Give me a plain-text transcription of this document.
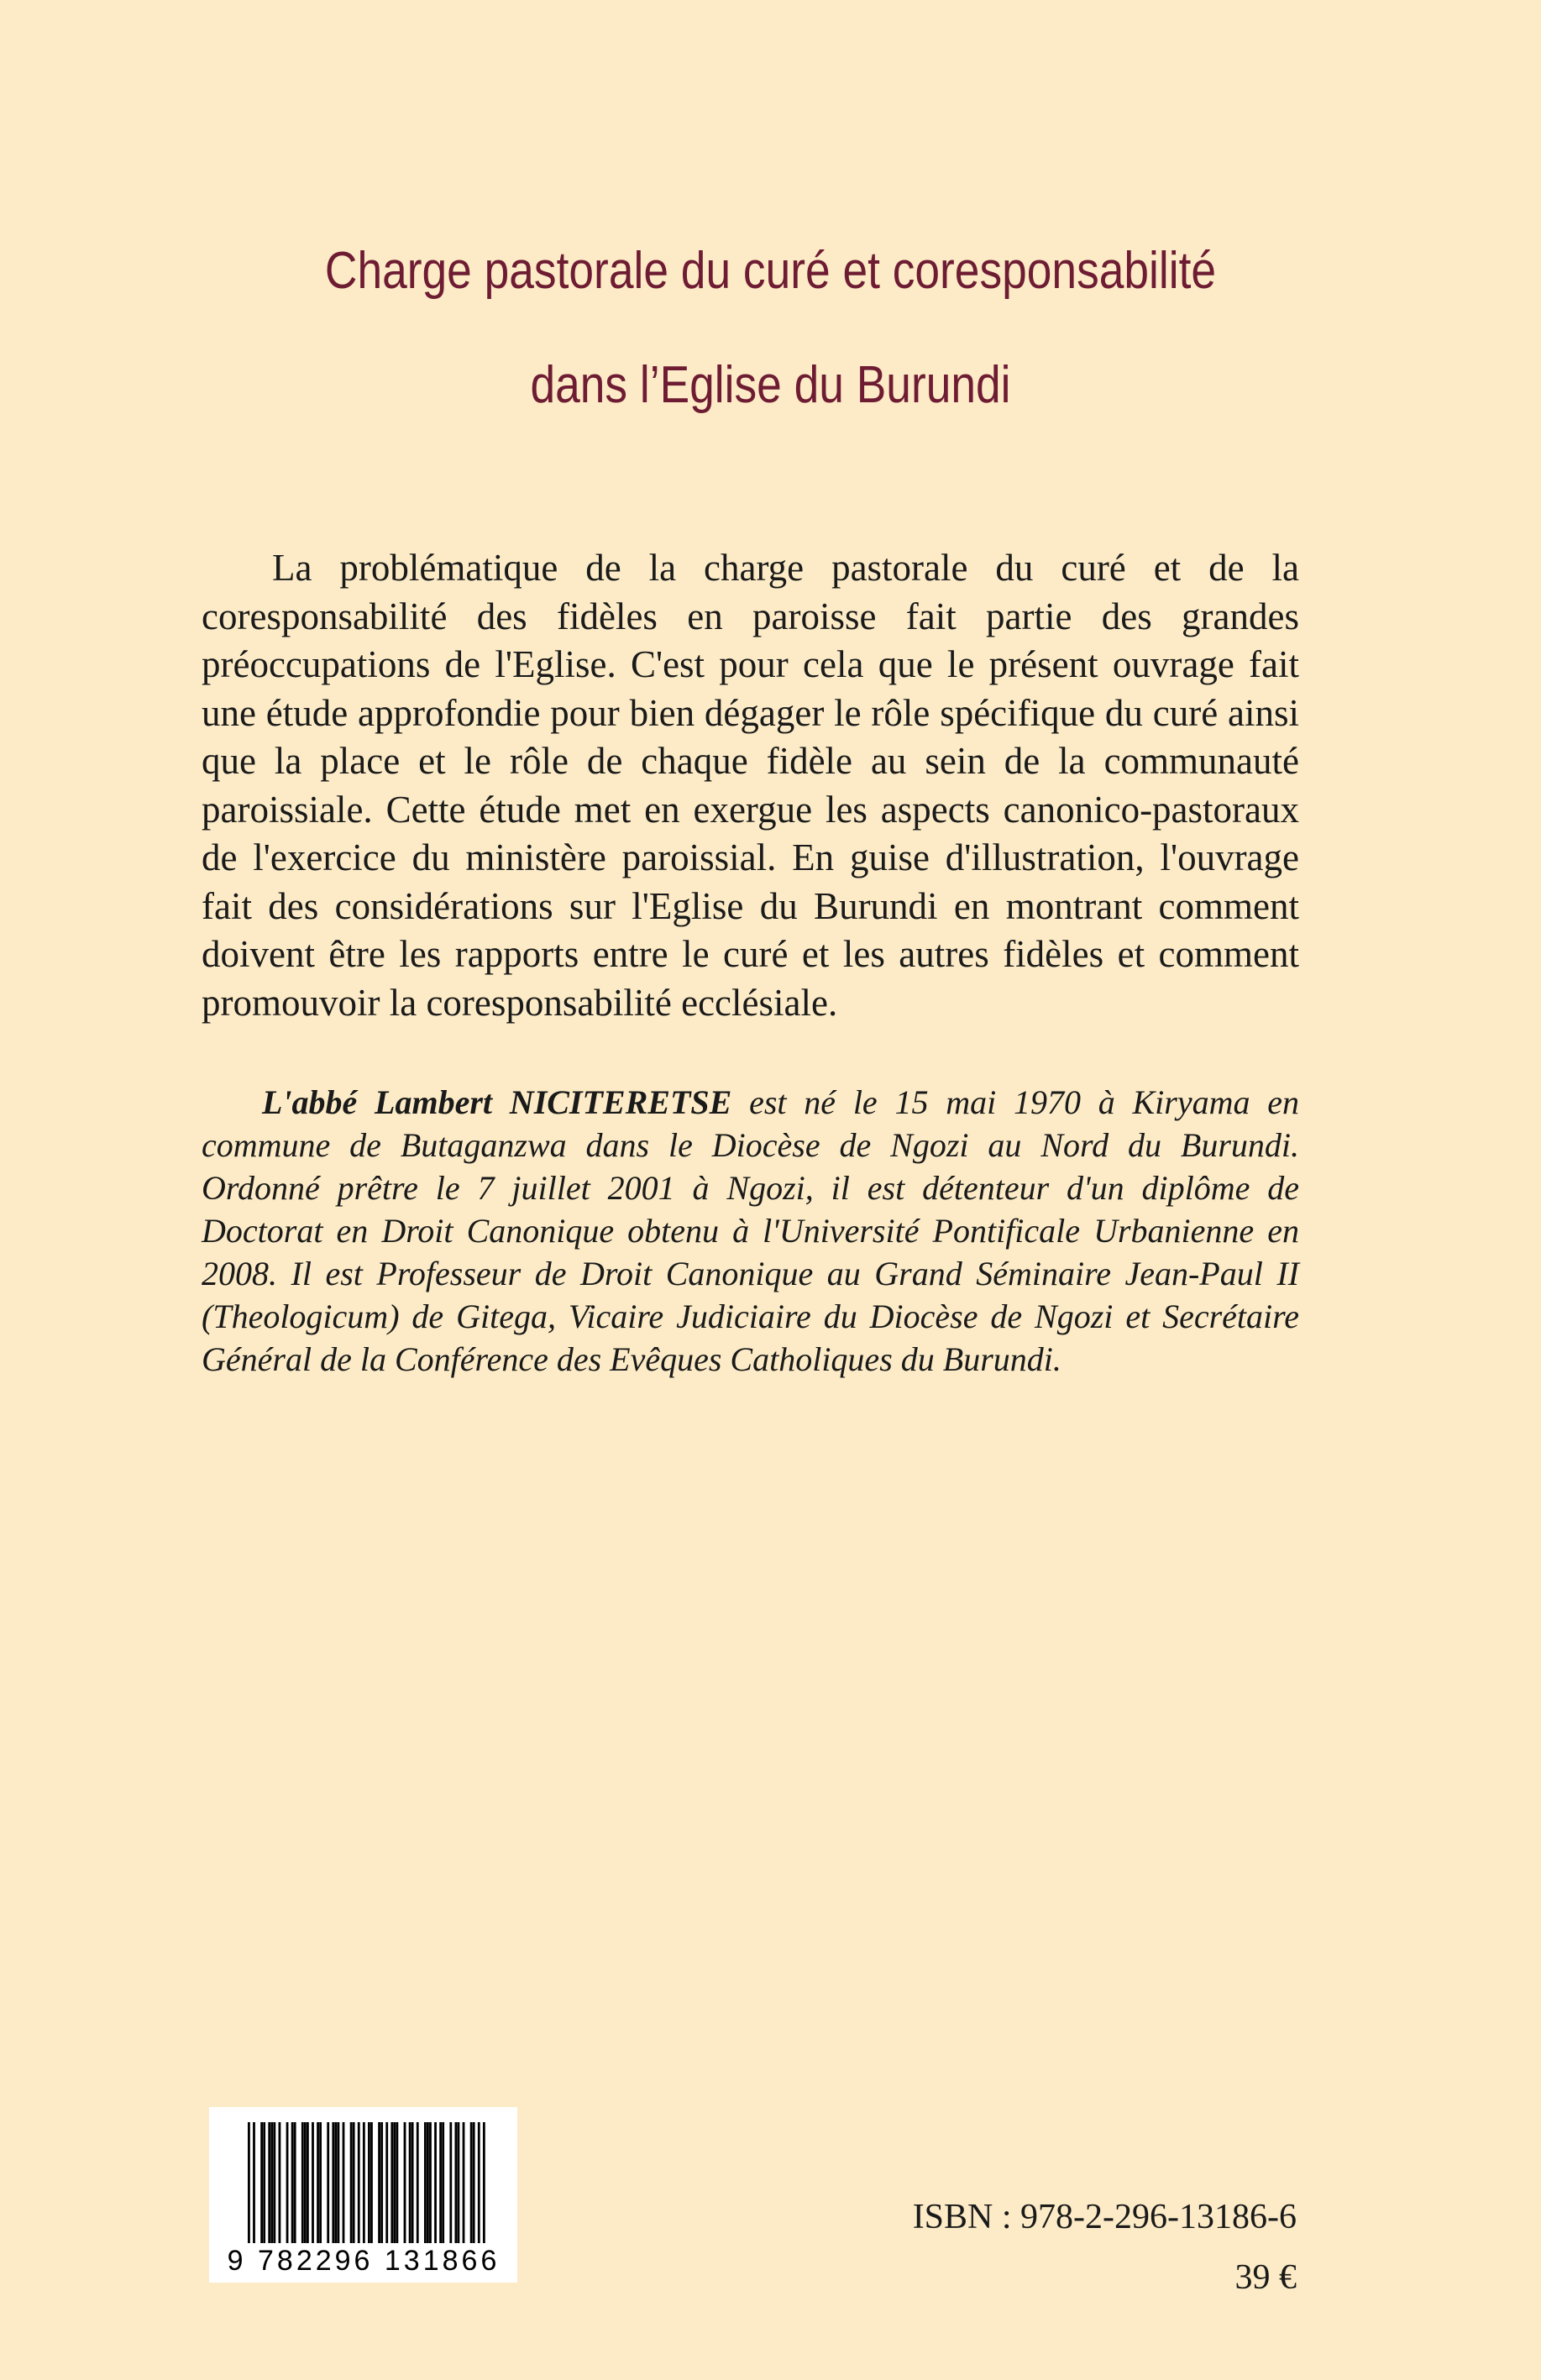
Charge pastorale du curé et coresponsabilité
dans l’Eglise du Burundi

La problématique de la charge pastorale du curé et de la coresponsabilité des fidèles en paroisse fait partie des grandes préoccupations de l'Eglise. C'est pour cela que le présent ouvrage fait une étude approfondie pour bien dégager le rôle spécifique du curé ainsi que la place et le rôle de chaque fidèle au sein de la communauté paroissiale. Cette étude met en exergue les aspects canonico-pastoraux de l'exercice du ministère paroissial. En guise d'illustration, l'ouvrage fait des considérations sur l'Eglise du Burundi en montrant comment doivent être les rapports entre le curé et les autres fidèles et comment promouvoir la coresponsabilité ecclésiale.

L'abbé Lambert NICITERETSE est né le 15 mai 1970 à Kiryama en commune de Butaganzwa dans le Diocèse de Ngozi au Nord du Burundi. Ordonné prêtre le 7 juillet 2001 à Ngozi, il est détenteur d'un diplôme de Doctorat en Droit Canonique obtenu à l'Université Pontificale Urbanienne en 2008. Il est Professeur de Droit Canonique au Grand Séminaire Jean-Paul II (Theologicum) de Gitega, Vicaire Judiciaire du Diocèse de Ngozi et Secrétaire Général de la Conférence des Evêques Catholiques du Burundi.

9 782296 131866
ISBN : 978-2-296-13186-6
39 €
